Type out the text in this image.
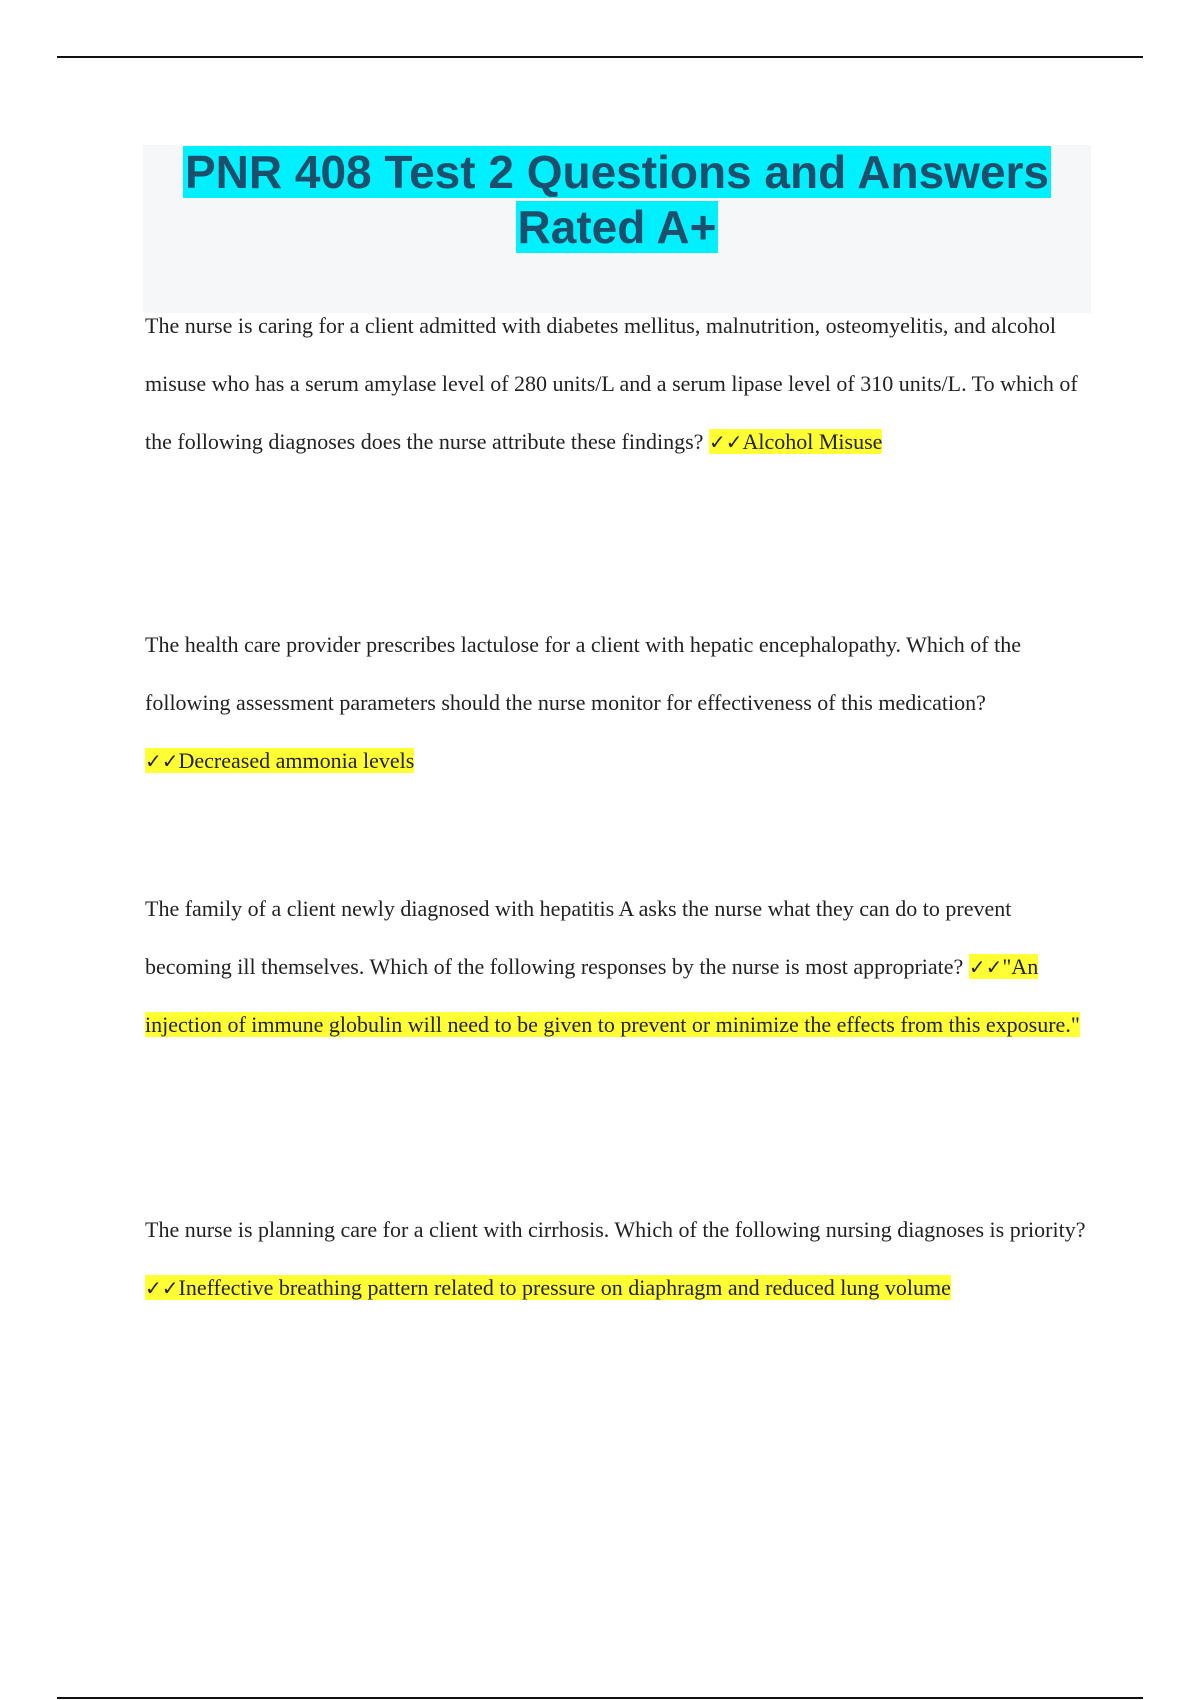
PNR 408 Test 2 Questions and Answers
Rated A+

The nurse is caring for a client admitted with diabetes mellitus, malnutrition, osteomyelitis, and alcohol misuse who has a serum amylase level of 280 units/L and a serum lipase level of 310 units/L. To which of the following diagnoses does the nurse attribute these findings? ✓✓Alcohol Misuse

The health care provider prescribes lactulose for a client with hepatic encephalopathy. Which of the following assessment parameters should the nurse monitor for effectiveness of this medication? ✓✓Decreased ammonia levels

The family of a client newly diagnosed with hepatitis A asks the nurse what they can do to prevent becoming ill themselves. Which of the following responses by the nurse is most appropriate? ✓✓"An injection of immune globulin will need to be given to prevent or minimize the effects from this exposure."

The nurse is planning care for a client with cirrhosis. Which of the following nursing diagnoses is priority? ✓✓Ineffective breathing pattern related to pressure on diaphragm and reduced lung volume
